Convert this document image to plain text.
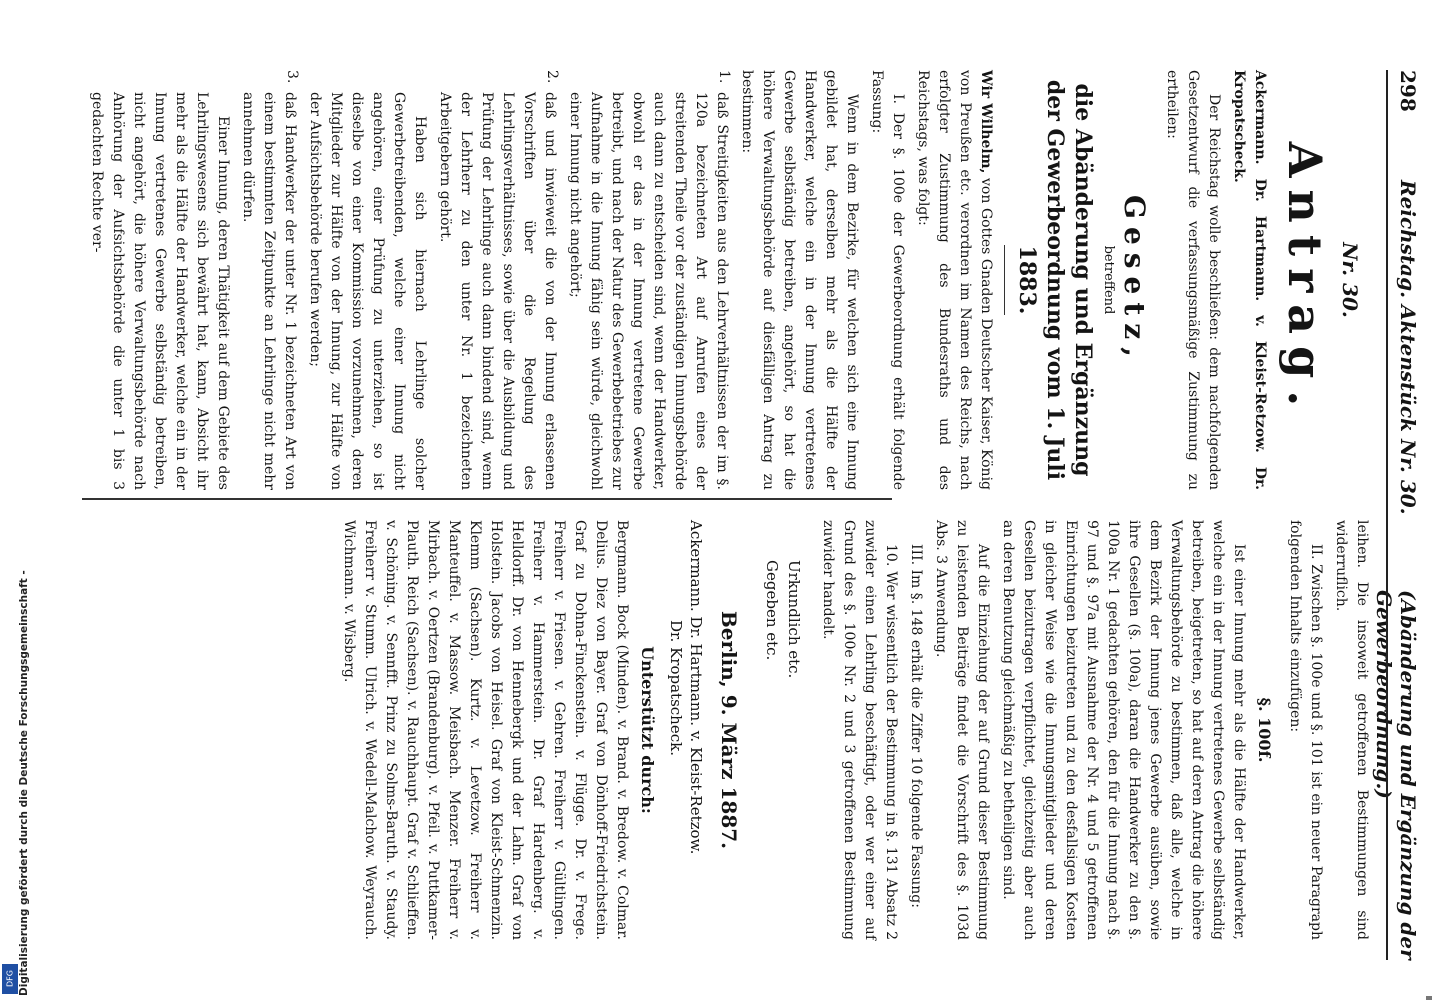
298
Reichstag. Aktenstück Nr. 30.
(Abänderung und Ergänzung der Gewerbeordnung.)
Nr. 30.
Antrag.

Ackermann. Dr. Hartmann. v. Kleist-Retzow. Dr. Kropatscheck.

Der Reichstag wolle beschließen: dem nachfolgenden Gesetzentwurf die verfassungsmäßige Zustimmung zu ertheilen:

Gesetz,
betreffend
die Abänderung und Ergänzung der Gewerbeordnung vom 1. Juli 1883.

Wir Wilhelm, von Gottes Gnaden Deutscher Kaiser, König von Preußen etc. verordnen im Namen des Reichs, nach erfolgter Zustimmung des Bundesraths und des Reichstags, was folgt:

I. Der §. 100e der Gewerbeordnung erhält folgende Fassung:

Wenn in dem Bezirke, für welchen sich eine Innung gebildet hat, derselben mehr als die Hälfte der Handwerker, welche ein in der Innung vertretenes Gewerbe selbständig betreiben, angehört, so hat die höhere Verwaltungsbehörde auf diesfälligen Antrag zu bestimmen:

1.

daß Streitigkeiten aus den Lehrverhältnissen der im §. 120a bezeichneten Art auf Anrufen eines der streitenden Theile vor der zuständigen Innungsbehörde auch dann zu entscheiden sind, wenn der Handwerker, obwohl er das in der Innung vertretene Gewerbe betreibt, und nach der Natur des Gewerbebetriebes zur Aufnahme in die Innung fähig sein würde, gleichwohl einer Innung nicht angehört;

2.

daß und inwieweit die von der Innung erlassenen Vorschriften über die Regelung des Lehrlingsverhältnisses, sowie über die Ausbildung und Prüfung der Lehrlinge auch dann bindend sind, wenn der Lehrherr zu den unter Nr. 1 bezeichneten Arbeitgebern gehört.

Haben sich hiernach Lehrlinge solcher Gewerbetreibenden, welche einer Innung nicht angehören, einer Prüfung zu unterziehen, so ist dieselbe von einer Kommission vorzunehmen, deren Mitglieder zur Hälfte von der Innung, zur Hälfte von der Aufsichtsbehörde berufen werden;

3.

daß Handwerker der unter Nr. 1 bezeichneten Art von einem bestimmten Zeitpunkte an Lehrlinge nicht mehr annehmen dürfen.

Einer Innung, deren Thätigkeit auf dem Gebiete des Lehrlingswesens sich bewährt hat, kann, Absicht ihr mehr als die Hälfte der Handwerker, welche ein in der Innung vertretenes Gewerbe selbständig betreiben, nicht angehört, die höhere Verwaltungsbehörde nach Anhörung der Aufsichtsbehörde die unter 1 bis 3 gedachten Rechte ver-

leihen. Die insoweit getroffenen Bestimmungen sind widerruflich.

II. Zwischen §. 100e und §. 101 ist ein neuer Paragraph folgenden Inhalts einzufügen:

§. 100f.

Ist einer Innung mehr als die Hälfte der Handwerker, welche ein in der Innung vertretenes Gewerbe selbständig betreiben, beigetreten, so hat auf deren Antrag die höhere Verwaltungsbehörde zu bestimmen, daß alle, welche in dem Bezirk der Innung jenes Gewerbe ausüben, sowie ihre Gesellen (§. 100a), daran die Handwerker zu den §. 100a Nr. 1 gedachten gehören, den für die Innung nach §. 97 und §. 97a mit Ausnahme der Nr. 4 und 5 getroffenen Einrichtungen beizutreten und zu den desfallsigen Kosten in gleicher Weise wie die Innungsmitglieder und deren Gesellen beizutragen verpflichtet, gleichzeitig aber auch an deren Benutzung gleichmäßig zu betheiligen sind.

Auf die Einziehung der auf Grund dieser Bestimmung zu leistenden Beiträge findet die Vorschrift des §. 103d Abs. 3 Anwendung.

III. Im §. 148 erhält die Ziffer 10 folgende Fassung:

10. Wer wissentlich der Bestimmung in §. 131 Absatz 2 zuwider einen Lehrling beschäftigt, oder wer einer auf Grund des §. 100e Nr. 2 und 3 getroffenen Bestimmung zuwider handelt.

Urkundlich etc.
Gegeben etc.
Berlin, 9. März 1887.
Ackermann. Dr. Hartmann. v. Kleist-Retzow.
Dr. Kropatscheck.
Unterstützt durch:

Bergmann. Bock (Minden). v. Brand. v. Bredow. v. Colmar. Delius. Diez von Bayer. Graf von Dönhoff-Friedrichstein. Graf zu Dohna-Finckenstein. v. Flügge. Dr. v. Frege. Freiherr v. Friesen. v. Gehren. Freiherr v. Gültlingen. Freiherr v. Hammerstein. Dr. Graf Hardenberg. v. Helldorff. Dr. von Hennebergk und der Lahn. Graf von Holstein. Jacobs von Heisel. Graf von Kleist-Schmenzin. Klemm (Sachsen). Kurtz. v. Levetzow. Freiherr v. Manteuffel. v. Massow. Meisbach. Menzer. Freiherr v. Mirbach. v. Oertzen (Brandenburg). v. Pfeil. v. Puttkamer-Plauth. Reich (Sachsen). v. Rauchhaupt. Graf v. Schlieffen. v. Schöning. v. Sennfft. Prinz zu Solms-Baruth. v. Staudy. Freiherr v. Stumm. Ulrich. v. Wedell-Malchow. Weyrauch. Wichmann. v. Wisberg.

Digitalisierung gefördert durch die Deutsche Forschungsgemeinschaft -
DFG
